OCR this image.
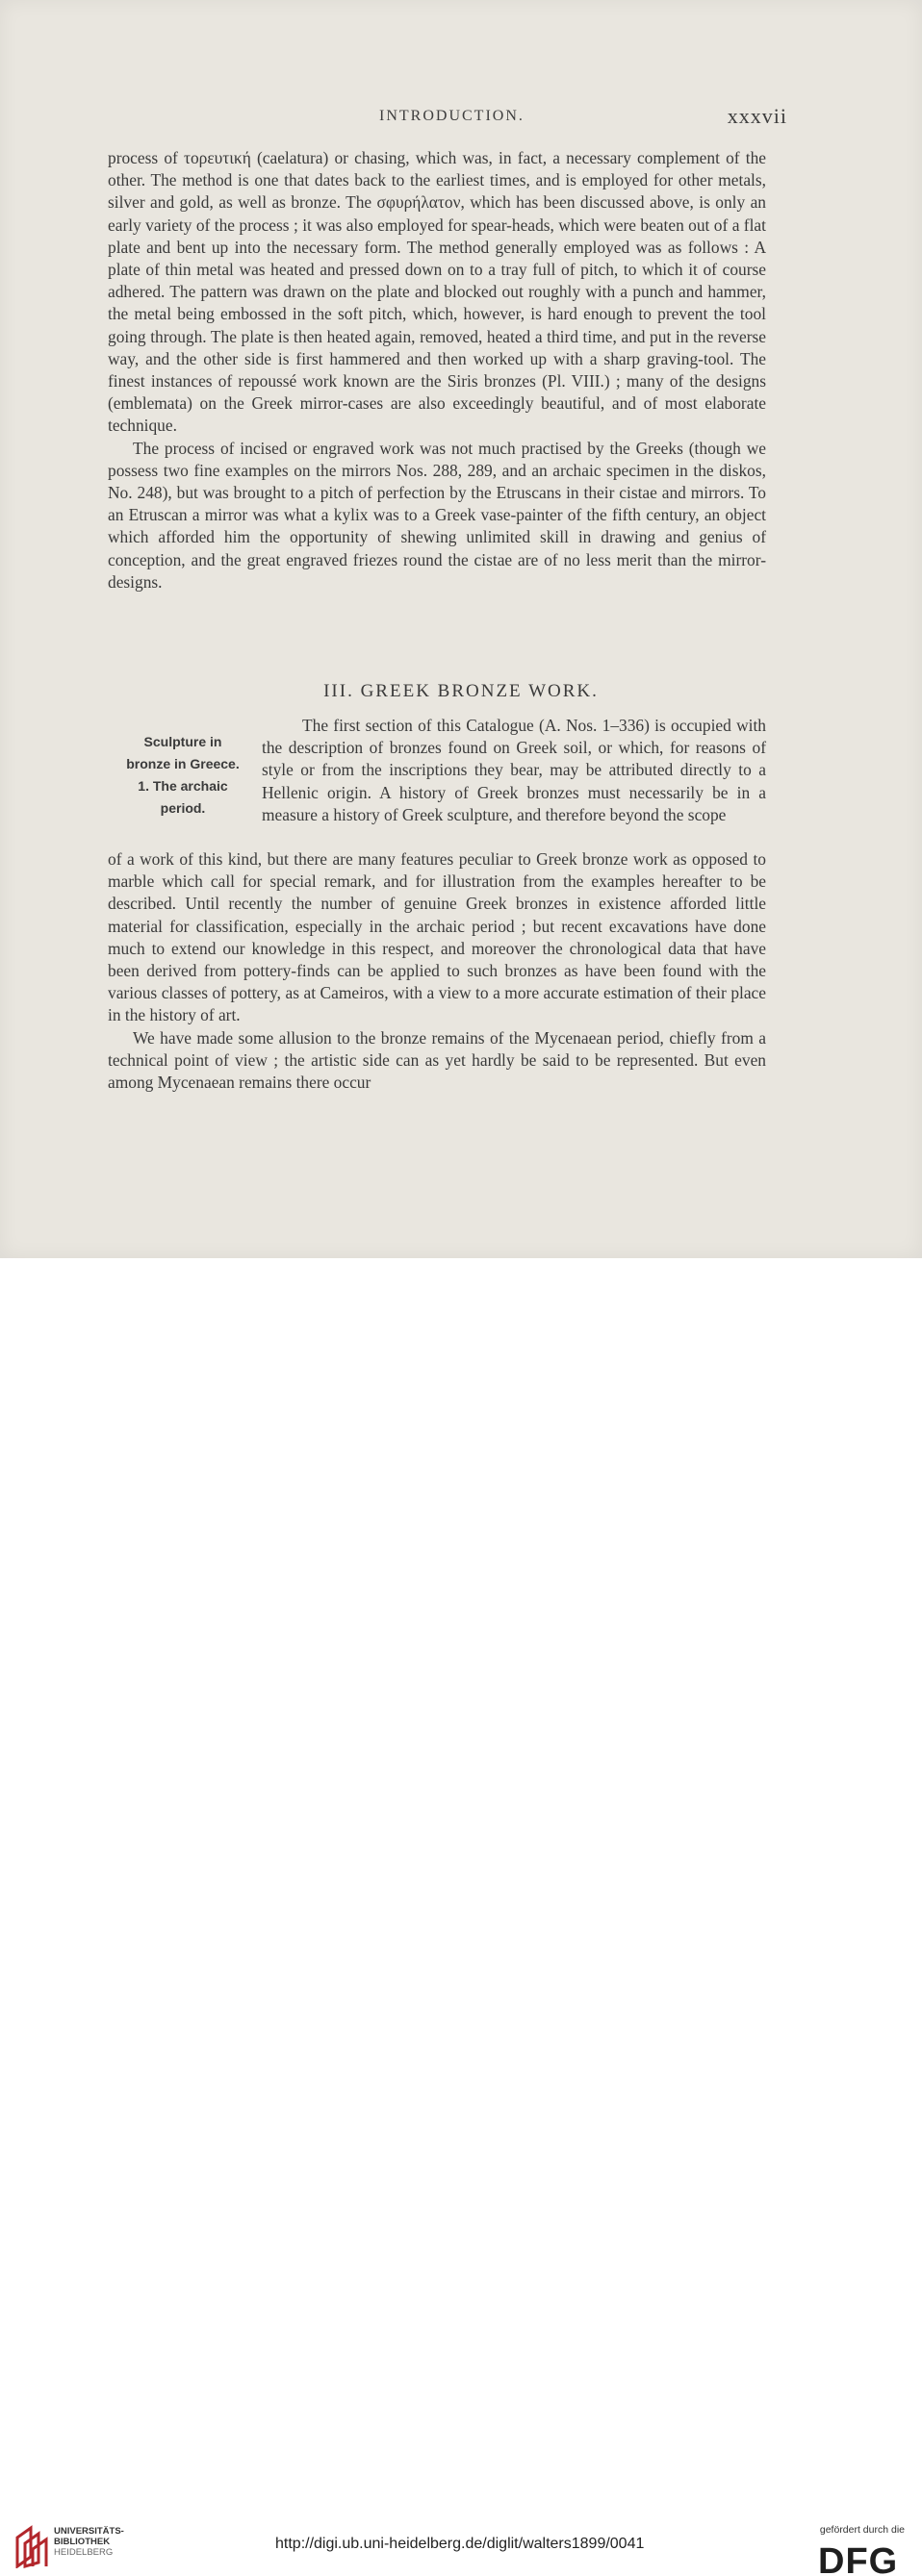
INTRODUCTION.	xxxvii

process of τορευτική (caelatura) or chasing, which was, in fact, a necessary complement of the other. The method is one that dates back to the earliest times, and is employed for other metals, silver and gold, as well as bronze. The σφυρήλατον, which has been discussed above, is only an early variety of the process ; it was also employed for spear-heads, which were beaten out of a flat plate and bent up into the necessary form. The method generally employed was as follows : A plate of thin metal was heated and pressed down on to a tray full of pitch, to which it of course adhered. The pattern was drawn on the plate and blocked out roughly with a punch and hammer, the metal being embossed in the soft pitch, which, however, is hard enough to prevent the tool going through. The plate is then heated again, removed, heated a third time, and put in the reverse way, and the other side is first hammered and then worked up with a sharp graving-tool. The finest instances of repoussé work known are the Siris bronzes (Pl. VIII.) ; many of the designs (emblemata) on the Greek mirror-cases are also exceedingly beautiful, and of most elaborate technique.

The process of incised or engraved work was not much practised by the Greeks (though we possess two fine examples on the mirrors Nos. 288, 289, and an archaic specimen in the diskos, No. 248), but was brought to a pitch of perfection by the Etruscans in their cistae and mirrors. To an Etruscan a mirror was what a kylix was to a Greek vase-painter of the fifth century, an object which afforded him the opportunity of shewing unlimited skill in drawing and genius of conception, and the great engraved friezes round the cistae are of no less merit than the mirror-designs.

III. GREEK BRONZE WORK.
Sculpture in
bronze in Greece.
1. The archaic
period.

The first section of this Catalogue (A. Nos. 1–336) is occupied with the description of bronzes found on Greek soil, or which, for reasons of style or from the inscriptions they bear, may be attributed directly to a Hellenic origin. A history of Greek bronzes must necessarily be in a measure a history of Greek sculpture, and therefore beyond the scope

of a work of this kind, but there are many features peculiar to Greek bronze work as opposed to marble which call for special remark, and for illustration from the examples hereafter to be described. Until recently the number of genuine Greek bronzes in existence afforded little material for classification, especially in the archaic period ; but recent excavations have done much to extend our knowledge in this respect, and moreover the chronological data that have been derived from pottery-finds can be applied to such bronzes as have been found with the various classes of pottery, as at Cameiros, with a view to a more accurate estimation of their place in the history of art.

We have made some allusion to the bronze remains of the Mycenaean period, chiefly from a technical point of view ; the artistic side can as yet hardly be said to be represented. But even among Mycenaean remains there occur

UNIVERSITÄTS-
BIBLIOTHEK
HEIDELBERG
http://digi.ub.uni-heidelberg.de/diglit/walters1899/0041
gefördert durch die
DFG
